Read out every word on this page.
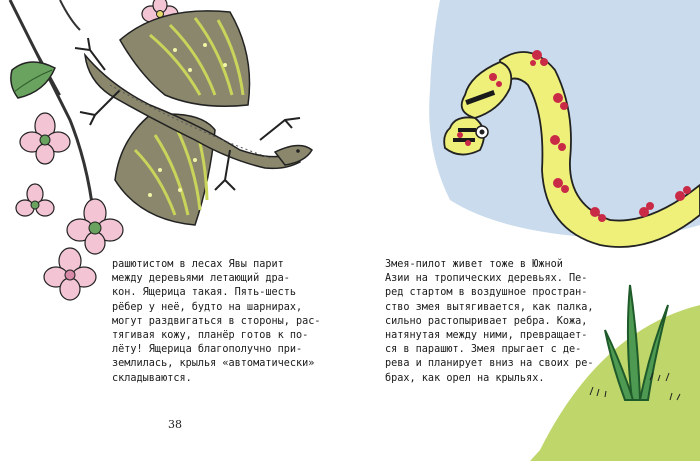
рашютистом в лесах Явы парит

между деревьями летающий дра-

кон. Ящерица такая. Пять-шесть

рёбер у неё, будто на шарнирах,

могут раздвигаться в стороны, рас-

тягивая кожу, планёр готов к по-

лёту! Ящерица благополучно при-

землилась, крылья «автоматически»

складываются.

38

Змея-пилот живет тоже в Южной

Азии на тропических деревьях. Пе-

ред стартом в воздушное простран-

ство змея вытягивается, как палка,

сильно растопыривает ребра. Кожа,

натянутая между ними, превращает-

ся в парашют. Змея прыгает с де-

рева и планирует вниз на своих ре-

брах, как орел на крыльях.
